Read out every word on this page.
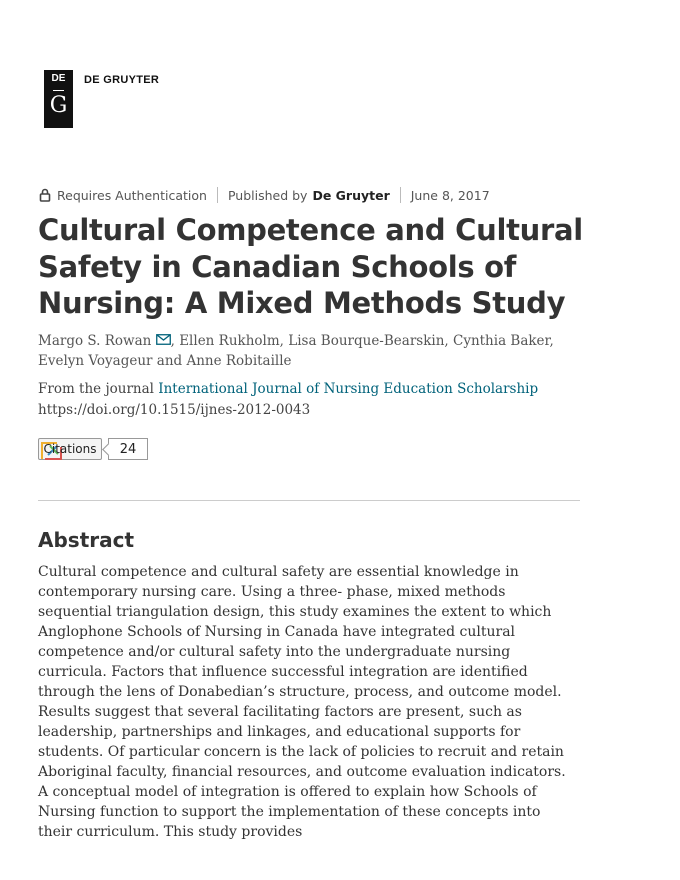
DE
G
DE GRUYTER
Requires Authentication Published by De Gruyter June 8, 2017
Cultural Competence and Cultural Safety in Canadian Schools of Nursing: A Mixed Methods Study
Margo S. Rowan , Ellen Rukholm, Lisa Bourque-Bearskin, Cynthia Baker,
Evelyn Voyageur and Anne Robitaille
From the journal International Journal of Nursing Education Scholarship
https://doi.org/10.1515/ijnes-2012-0043
Citations	24
Abstract

Cultural competence and cultural safety are essential knowledge in contemporary nursing care. Using a three- phase, mixed methods sequential triangulation design, this study examines the extent to which Anglophone Schools of Nursing in Canada have integrated cultural competence and/or cultural safety into the undergraduate nursing curricula. Factors that influence successful integration are identified through the lens of Donabedian’s structure, process, and outcome model. Results suggest that several facilitating factors are present, such as leadership, partnerships and linkages, and educational supports for students. Of particular concern is the lack of policies to recruit and retain Aboriginal faculty, financial resources, and outcome evaluation indicators. A conceptual model of integration is offered to explain how Schools of Nursing function to support the implementation of these concepts into their curriculum. This study provides
